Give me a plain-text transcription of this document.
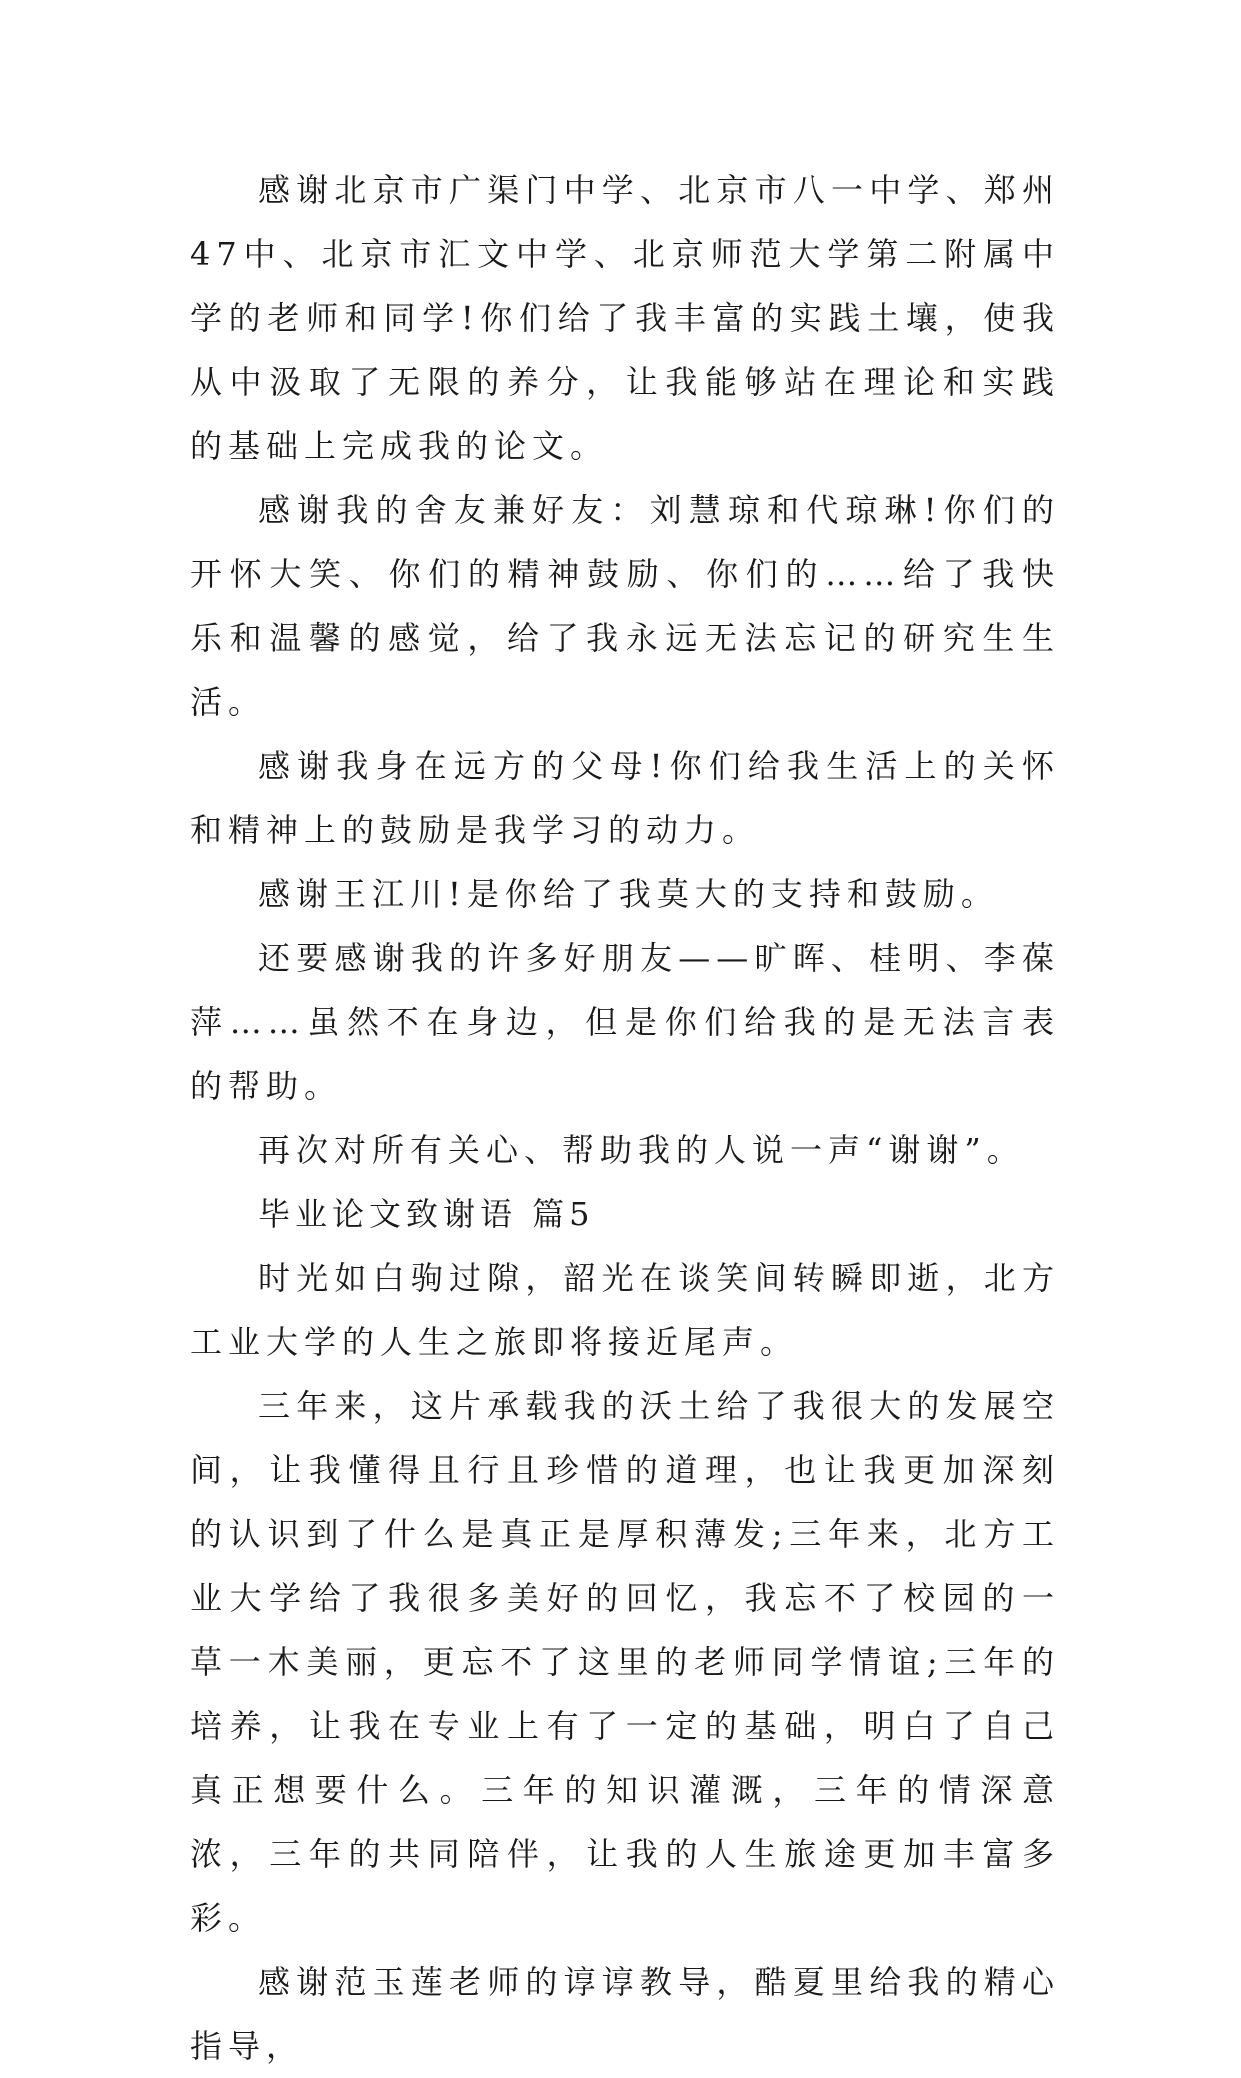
感谢北京市广渠门中学、北京市八一中学、郑州47中、北京市汇文中学、北京师范大学第二附属中学的老师和同学!你们给了我丰富的实践土壤，使我从中汲取了无限的养分，让我能够站在理论和实践的基础上完成我的论文。

感谢我的舍友兼好友：刘慧琼和代琼琳!你们的开怀大笑、你们的精神鼓励、你们的……给了我快乐和温馨的感觉，给了我永远无法忘记的研究生生活。

感谢我身在远方的父母!你们给我生活上的关怀和精神上的鼓励是我学习的动力。

感谢王江川!是你给了我莫大的支持和鼓励。

还要感谢我的许多好朋友——旷晖、桂明、李葆萍……虽然不在身边，但是你们给我的是无法言表的帮助。

再次对所有关心、帮助我的人说一声“谢谢”。

毕业论文致谢语 篇5

时光如白驹过隙，韶光在谈笑间转瞬即逝，北方工业大学的人生之旅即将接近尾声。

三年来，这片承载我的沃土给了我很大的发展空间，让我懂得且行且珍惜的道理，也让我更加深刻的认识到了什么是真正是厚积薄发;三年来，北方工业大学给了我很多美好的回忆，我忘不了校园的一草一木美丽，更忘不了这里的老师同学情谊;三年的培养，让我在专业上有了一定的基础，明白了自己真正想要什么。三年的知识灌溉，三年的情深意浓，三年的共同陪伴，让我的人生旅途更加丰富多彩。

感谢范玉莲老师的谆谆教导，酷夏里给我的精心指导，
